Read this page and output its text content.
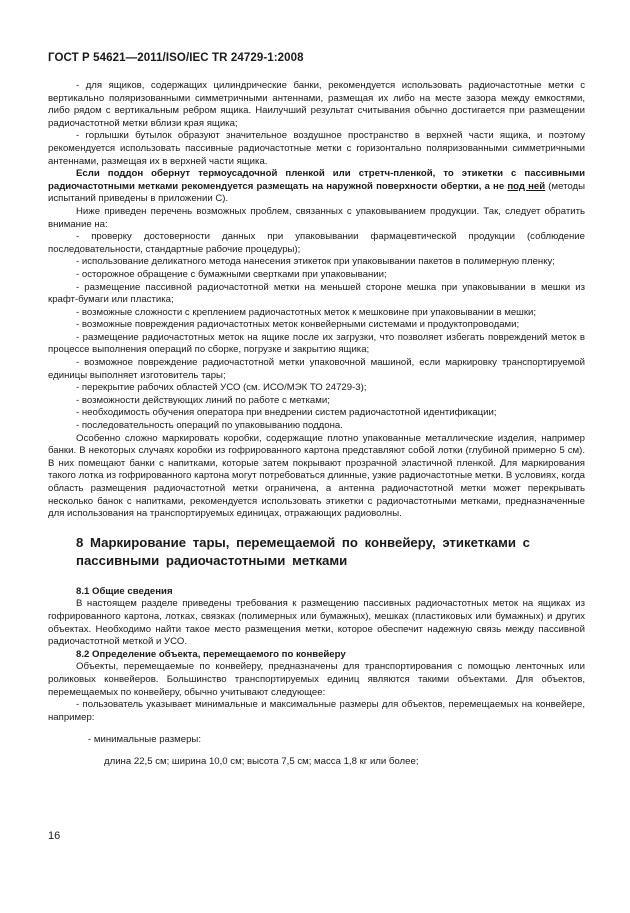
ГОСТ Р 54621—2011/ISO/IEC TR 24729-1:2008

- для ящиков, содержащих цилиндрические банки, рекомендуется использовать радиочастотные метки с вертикально поляризованными симметричными антеннами, размещая их либо на месте зазора между емкостями, либо рядом с вертикальным ребром ящика. Наилучший результат считывания обычно достигается при размещении радиочастотной метки вблизи края ящика;

- горлышки бутылок образуют значительное воздушное пространство в верхней части ящика, и поэтому рекомендуется использовать пассивные радиочастотные метки с горизонтально поляризованными симметричными антеннами, размещая их в верхней части ящика.

Если поддон обернут термоусадочной пленкой или стретч-пленкой, то этикетки с пассивными радиочастотными метками рекомендуется размещать на наружной поверхности обертки, а не под ней (методы испытаний приведены в приложении С).

Ниже приведен перечень возможных проблем, связанных с упаковыванием продукции. Так, следует обратить внимание на:

- проверку достоверности данных при упаковывании фармацевтической продукции (соблюдение последовательности, стандартные рабочие процедуры);

- использование деликатного метода нанесения этикеток при упаковывании пакетов в полимерную пленку;

- осторожное обращение с бумажными свертками при упаковывании;

- размещение пассивной радиочастотной метки на меньшей стороне мешка при упаковывании в мешки из крафт-бумаги или пластика;

- возможные сложности с креплением радиочастотных меток к мешковине при упаковывании в мешки;

- возможные повреждения радиочастотных меток конвейерными системами и продуктопроводами;

- размещение радиочастотных меток на ящике после их загрузки, что позволяет избегать повреждений меток в процессе выполнения операций по сборке, погрузке и закрытию ящика;

- возможное повреждение радиочастотной метки упаковочной машиной, если маркировку транспортируемой единицы выполняет изготовитель тары;

- перекрытие рабочих областей УСО (см. ИСО/МЭК ТО 24729-3);

- возможности действующих линий по работе с метками;

- необходимость обучения оператора при внедрении систем радиочастотной идентификации;

- последовательность операций по упаковыванию поддона.

Особенно сложно маркировать коробки, содержащие плотно упакованные металлические изделия, например банки. В некоторых случаях коробки из гофрированного картона представляют собой лотки (глубиной примерно 5 см). В них помещают банки с напитками, которые затем покрывают прозрачной эластичной пленкой. Для маркирования такого лотка из гофрированного картона могут потребоваться длинные, узкие радиочастотные метки. В условиях, когда область размещения радиочастотной метки ограничена, а антенна радиочастотной метки может перекрывать несколько банок с напитками, рекомендуется использовать этикетки с радиочастотными метками, предназначенные для использования на транспортируемых единицах, отражающих радиоволны.

8 Маркирование тары, перемещаемой по конвейеру, этикетками с пассивными радиочастотными метками

8.1 Общие сведения

В настоящем разделе приведены требования к размещению пассивных радиочастотных меток на ящиках из гофрированного картона, лотках, связках (полимерных или бумажных), мешках (пластиковых или бумажных) и других объектах. Необходимо найти такое место размещения метки, которое обеспечит надежную связь между пассивной радиочастотной меткой и УСО.

8.2 Определение объекта, перемещаемого по конвейеру

Объекты, перемещаемые по конвейеру, предназначены для транспортирования с помощью ленточных или роликовых конвейеров. Большинство транспортируемых единиц являются такими объектами. Для объектов, перемещаемых по конвейеру, обычно учитывают следующее:

- пользователь указывает минимальные и максимальные размеры для объектов, перемещаемых на конвейере, например:

- минимальные размеры:

длина 22,5 см; ширина 10,0 см; высота 7,5 см; масса 1,8 кг или более;

16
